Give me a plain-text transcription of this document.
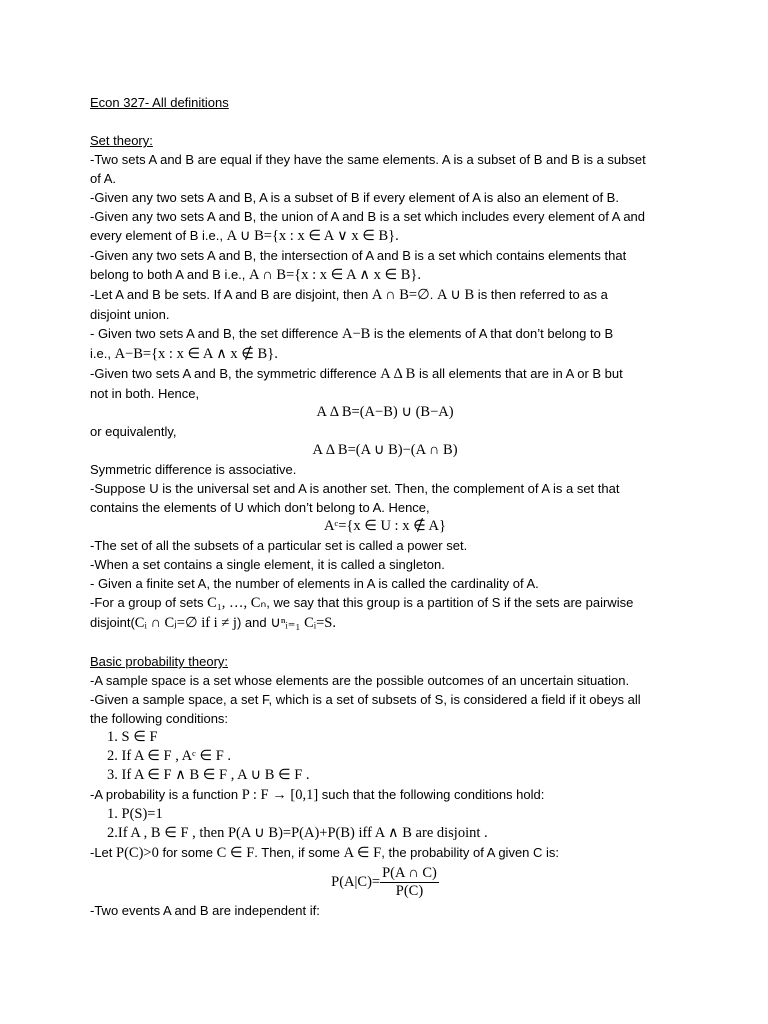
Econ 327- All definitions
Set theory:
-Two sets A and B are equal if they have the same elements. A is a subset of B and B is a subset
of A.
-Given any two sets A and B, A is a subset of B if every element of A is also an element of B.
-Given any two sets A and B, the union of A and B is a set which includes every element of A and
every element of B i.e., A ∪ B={x : x ∈ A ∨ x ∈ B}.
-Given any two sets A and B, the intersection of A and B is a set which contains elements that
belong to both A and B i.e., A ∩ B={x : x ∈ A ∧ x ∈ B}.
-Let A and B be sets. If A and B are disjoint, then A ∩ B=∅. A ∪ B is then referred to as a
disjoint union.
- Given two sets A and B, the set difference A−B is the elements of A that don’t belong to B
i.e., A−B={x : x ∈ A ∧ x ∉ B}.
-Given two sets A and B, the symmetric difference A Δ B is all elements that are in A or B but
not in both. Hence,
A Δ B=(A−B) ∪ (B−A)
or equivalently,
A Δ B=(A ∪ B)−(A ∩ B)
Symmetric difference is associative.
-Suppose U is the universal set and A is another set. Then, the complement of A is a set that
contains the elements of U which don’t belong to A. Hence,
Aᶜ={x ∈ U : x ∉ A}
-The set of all the subsets of a particular set is called a power set.
-When a set contains a single element, it is called a singleton.
- Given a finite set A, the number of elements in A is called the cardinality of A.
-For a group of sets C₁, …, Cₙ, we say that this group is a partition of S if the sets are pairwise
disjoint(Cᵢ ∩ Cⱼ=∅ if i ≠ j) and ∪ⁿᵢ₌₁ Cᵢ=S.
Basic probability theory:
-A sample space is a set whose elements are the possible outcomes of an uncertain situation.
-Given a sample space, a set F, which is a set of subsets of S, is considered a field if it obeys all
the following conditions:
1. S ∈ F
2. If A ∈ F , Aᶜ ∈ F .
3. If A ∈ F ∧ B ∈ F , A ∪ B ∈ F .
-A probability is a function P : F → [0,1] such that the following conditions hold:
1. P(S)=1
2.If A , B ∈ F , then P(A ∪ B)=P(A)+P(B) iff A ∧ B are disjoint .
-Let P(C)>0 for some C ∈ F. Then, if some A ∈ F, the probability of A given C is:
$P(A|C)= \frac{P(A \cap C)}{P(C)}$
-Two events A and B are independent if:
